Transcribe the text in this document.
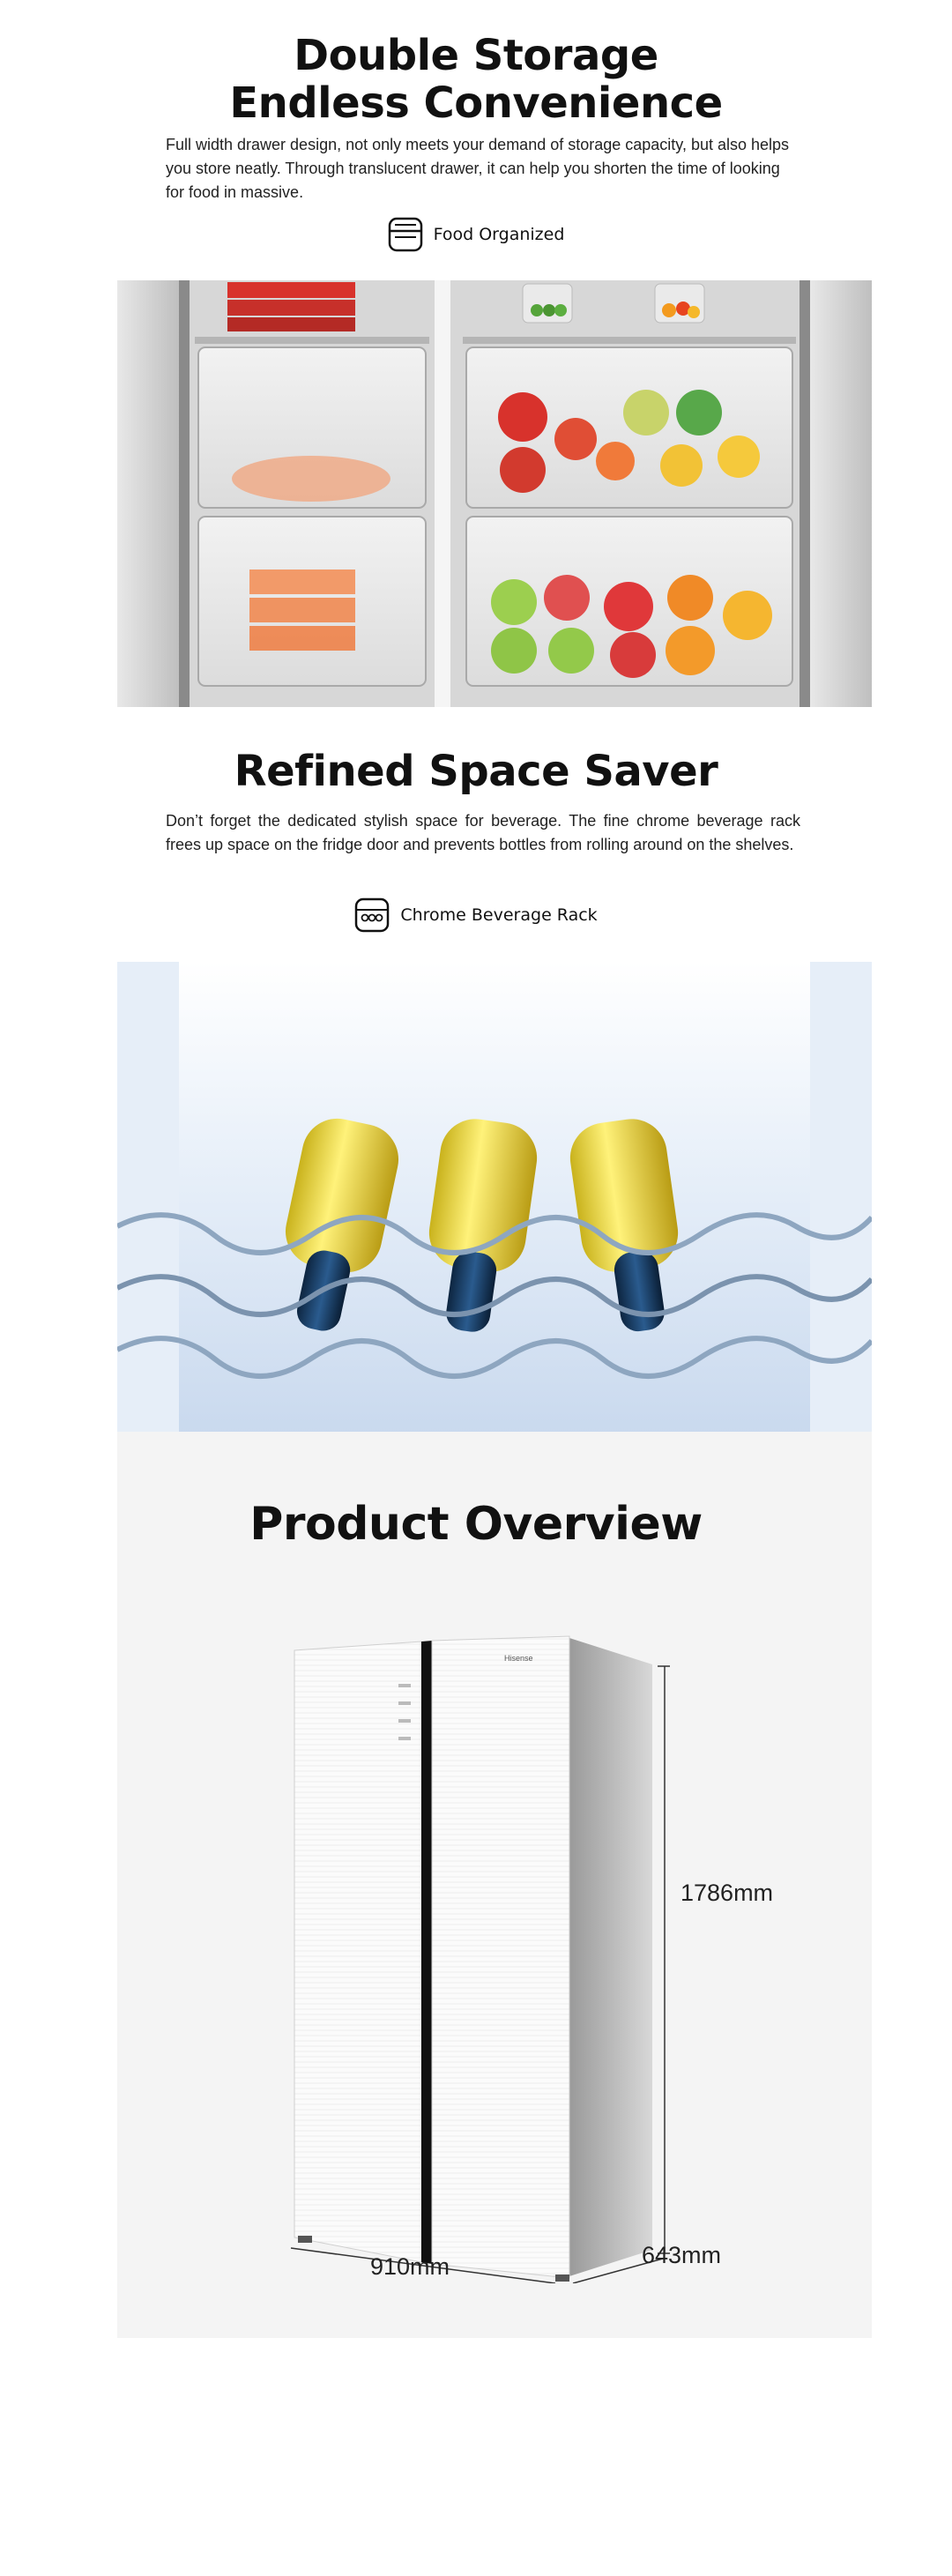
Double Storage
Endless Convenience

Full width drawer design, not only meets your demand of storage capacity, but also helps you store neatly. Through translucent drawer, it can help you shorten the time of looking for food in massive.

Food Organized
Refined Space Saver

Don’t forget the dedicated stylish space for beverage. The fine chrome beverage rack frees up space on the fridge door and prevents bottles from rolling around on the shelves.

Chrome Beverage Rack
Product Overview
Hisense
1786mm
910mm	643mm
